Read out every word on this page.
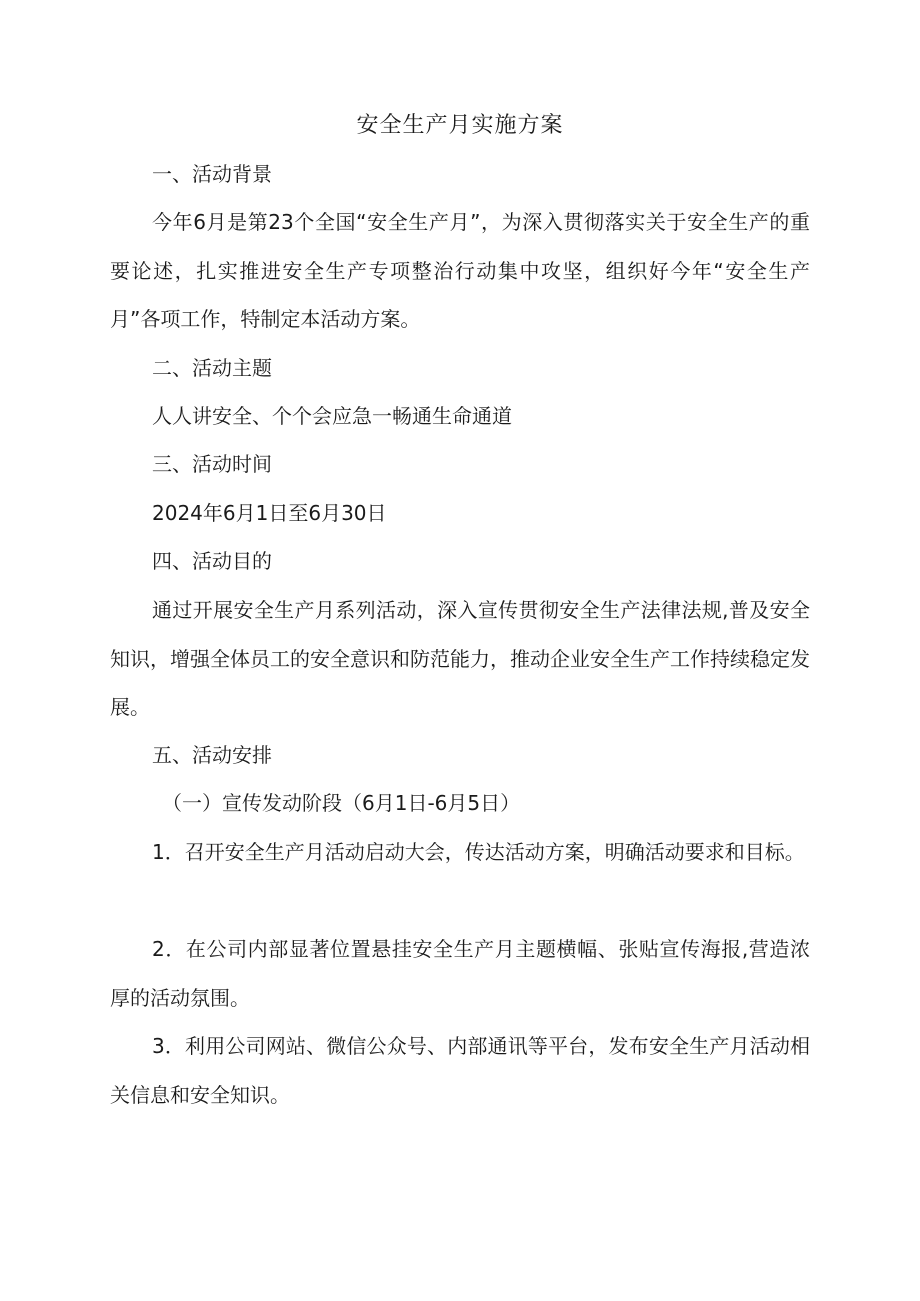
安全生产月实施方案

一、活动背景

今年6月是第23个全国“安全生产月”，为深入贯彻落实关于安全生产的重要论述，扎实推进安全生产专项整治行动集中攻坚，组织好今年“安全生产月”各项工作，特制定本活动方案。

二、活动主题

人人讲安全、个个会应急一畅通生命通道

三、活动时间

2024年6月1日至6月30日

四、活动目的

通过开展安全生产月系列活动，深入宣传贯彻安全生产法律法规,普及安全知识，增强全体员工的安全意识和防范能力，推动企业安全生产工作持续稳定发展。

五、活动安排

（一）宣传发动阶段（6月1日-6月5日）

1．召开安全生产月活动启动大会，传达活动方案，明确活动要求和目标。

2．在公司内部显著位置悬挂安全生产月主题横幅、张贴宣传海报,营造浓厚的活动氛围。

3．利用公司网站、微信公众号、内部通讯等平台，发布安全生产月活动相关信息和安全知识。
